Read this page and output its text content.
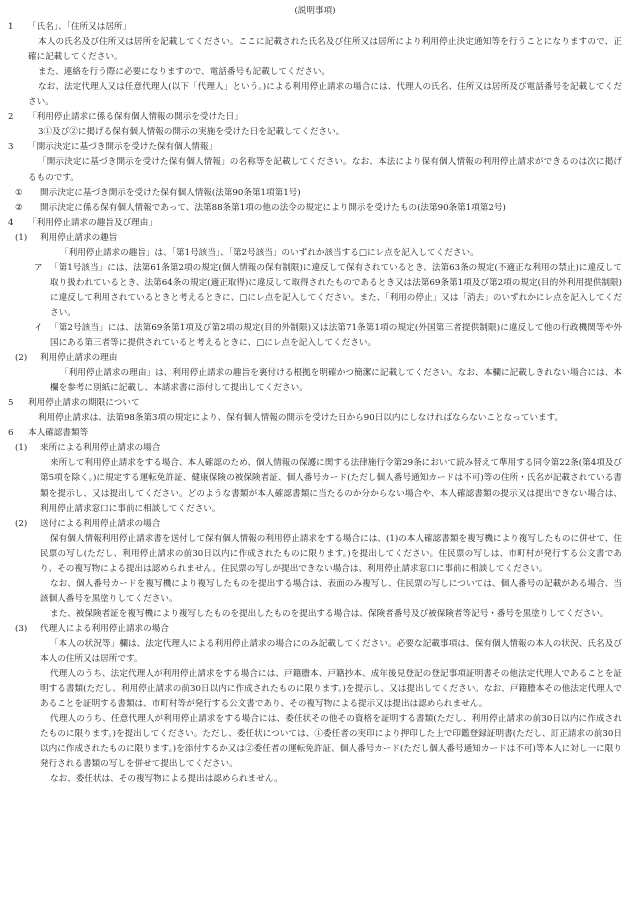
(説明事項)
1	「氏名」、「住所又は居所」
本人の氏名及び住所又は居所を記載してください。ここに記載された氏名及び住所又は居所により利用停止決定通知等を行うことになりますので、正確に記載してください。
また、連絡を行う際に必要になりますので、電話番号も記載してください。
なお、法定代理人又は任意代理人(以下「代理人」という。)による利用停止請求の場合には、代理人の氏名、住所又は居所及び電話番号を記載してください。
2	「利用停止請求に係る保有個人情報の開示を受けた日」
3①及び②に掲げる保有個人情報の開示の実施を受けた日を記載してください。
3	「開示決定に基づき開示を受けた保有個人情報」
「開示決定に基づき開示を受けた保有個人情報」の名称等を記載してください。なお、本法により保有個人情報の利用停止請求ができるのは次に掲げるものです。
①	開示決定に基づき開示を受けた保有個人情報(法第90条第1項第1号)
②	開示決定に係る保有個人情報であって、法第88条第1項の他の法令の規定により開示を受けたもの(法第90条第1項第2号)
4	「利用停止請求の趣旨及び理由」
(1)	利用停止請求の趣旨
「利用停止請求の趣旨」は、「第1号該当」、「第2号該当」のいずれか該当する□にレ点を記入してください。
ア 「第1号該当」には、法第61条第2項の規定(個人情報の保有制限)に違反して保有されているとき、法第63条の規定(不適正な利用の禁止)に違反して取り扱われているとき、法第64条の規定(適正取得)に違反して取得されたものであるとき又は法第69条第1項及び第2項の規定(目的外利用提供制限)に違反して利用されているときと考えるときに、□にレ点を記入してください。また、「利用の停止」又は「消去」のいずれかにレ点を記入してください。
イ 「第2号該当」には、法第69条第1項及び第2項の規定(目的外制限)又は法第71条第1項の規定(外国第三者提供制限)に違反して他の行政機関等や外国にある第三者等に提供されていると考えるときに、□にレ点を記入してください。
(2)	利用停止請求の理由
「利用停止請求の理由」は、利用停止請求の趣旨を裏付ける根拠を明確かつ簡潔に記載してください。なお、本欄に記載しきれない場合には、本欄を参考に別紙に記載し、本請求書に添付して提出してください。
5	利用停止請求の期限について
利用停止請求は、法第98条第3項の規定により、保有個人情報の開示を受けた日から90日以内にしなければならないことなっています。
6	本人確認書類等
(1)	来所による利用停止請求の場合
来所して利用停止請求をする場合、本人確認のため、個人情報の保護に関する法律施行令第29条において読み替えて準用する同令第22条(第4項及び第5項を除く。)に規定する運転免許証、健康保険の被保険者証、個人番号カード(ただし個人番号通知カードは不可)等の住所・氏名が記載されている書類を提示し、又は提出してください。どのような書類が本人確認書類に当たるのか分からない場合や、本人確認書類の提示又は提出できない場合は、利用停止請求窓口に事前に相談してください。
(2)	送付による利用停止請求の場合
保有個人情報利用停止請求書を送付して保有個人情報の利用停止請求をする場合には、(1)の本人確認書類を複写機により複写したものに併せて、住民票の写し(ただし、利用停止請求の前30日以内に作成されたものに限ります。)を提出してください。住民票の写しは、市町村が発行する公文書であり、その複写物による提出は認められません。住民票の写しが提出できない場合は、利用停止請求窓口に事前に相談してください。
なお、個人番号カードを複写機により複写したものを提出する場合は、表面のみ複写し、住民票の写しについては、個人番号の記載がある場合、当該個人番号を黒塗りしてください。
また、被保険者証を複写機により複写したものを提出したものを提出する場合は、保険者番号及び被保険者等記号・番号を黒塗りしてください。
(3)	代理人による利用停止請求の場合
「本人の状況等」欄は、法定代理人による利用停止請求の場合にのみ記載してください。必要な記載事項は、保有個人情報の本人の状況、氏名及び本人の住所又は居所です。
代理人のうち、法定代理人が利用停止請求をする場合には、戸籍謄本、戸籍抄本、成年後見登記の登記事項証明書その他法定代理人であることを証明する書類(ただし、利用停止請求の前30日以内に作成されたものに限ります。)を提示し、又は提出してください。なお、戸籍謄本その他法定代理人であることを証明する書類は、市町村等が発行する公文書であり、その複写物による提示又は提出は認められません。
代理人のうち、任意代理人が利用停止請求をする場合には、委任状その他その資格を証明する書類(ただし、利用停止請求の前30日以内に作成されたものに限ります。)を提出してください。ただし、委任状については、①委任者の実印により押印した上で印鑑登録証明書(ただし、訂正請求の前30日以内に作成されたものに限ります。)を添付するか又は②委任者の運転免許証、個人番号カード(ただし個人番号通知カードは不可)等本人に対し一に限り発行される書類の写しを併せて提出してください。
なお、委任状は、その複写物による提出は認められません。
